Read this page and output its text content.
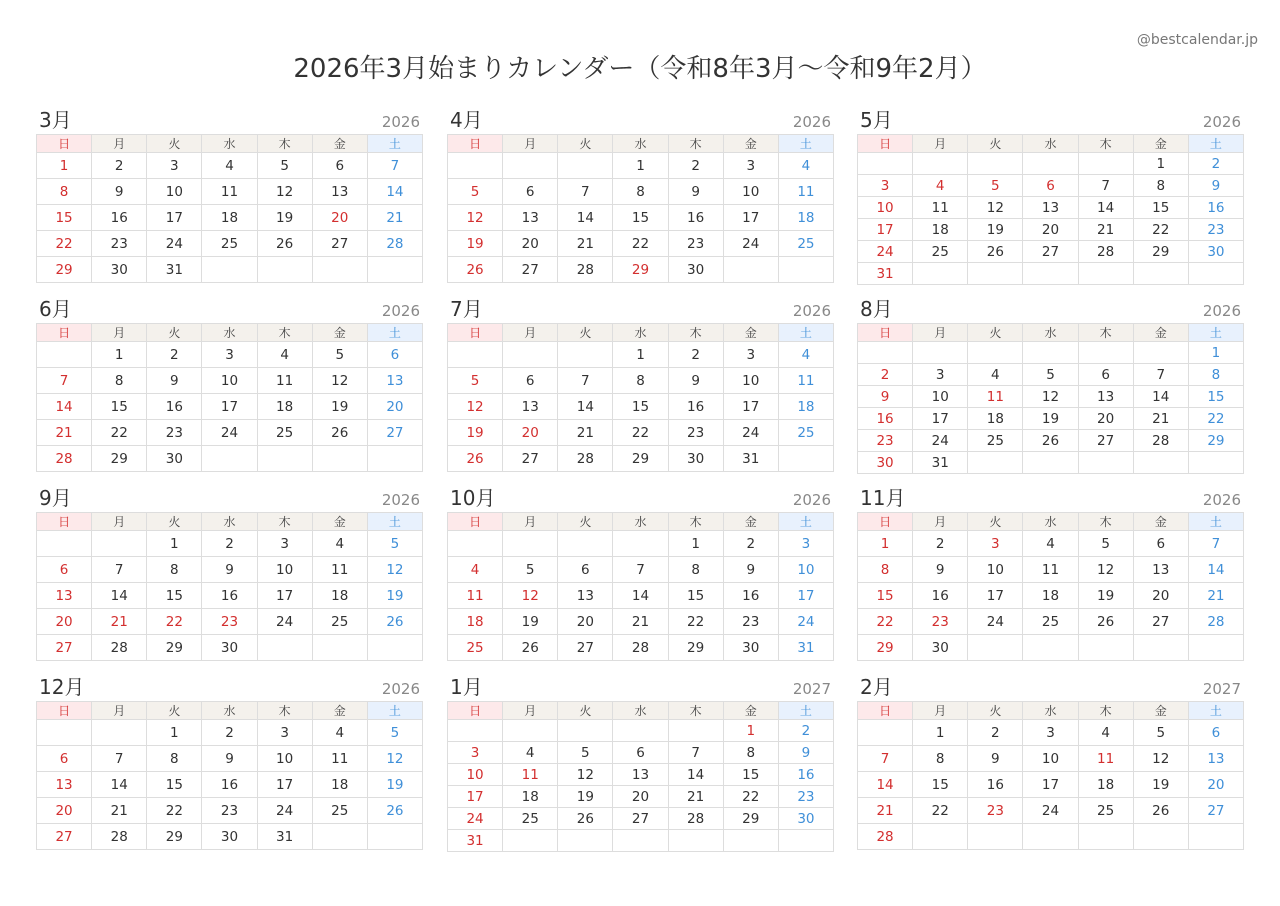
2026年3月始まりカレンダー（令和8年3月〜令和9年2月）
@bestcalendar.jp
3月	2026
日	月	火	水	木	金	土
1	2	3	4	5	6	7
8	9	10	11	12	13	14
15	16	17	18	19	20	21
22	23	24	25	26	27	28
29	30	31				
4月	2026
日	月	火	水	木	金	土
			1	2	3	4
5	6	7	8	9	10	11
12	13	14	15	16	17	18
19	20	21	22	23	24	25
26	27	28	29	30		
5月	2026
日	月	火	水	木	金	土
					1	2
3	4	5	6	7	8	9
10	11	12	13	14	15	16
17	18	19	20	21	22	23
24	25	26	27	28	29	30
31						
6月	2026
日	月	火	水	木	金	土
	1	2	3	4	5	6
7	8	9	10	11	12	13
14	15	16	17	18	19	20
21	22	23	24	25	26	27
28	29	30				
7月	2026
日	月	火	水	木	金	土
			1	2	3	4
5	6	7	8	9	10	11
12	13	14	15	16	17	18
19	20	21	22	23	24	25
26	27	28	29	30	31	
8月	2026
日	月	火	水	木	金	土
						1
2	3	4	5	6	7	8
9	10	11	12	13	14	15
16	17	18	19	20	21	22
23	24	25	26	27	28	29
30	31					
9月	2026
日	月	火	水	木	金	土
		1	2	3	4	5
6	7	8	9	10	11	12
13	14	15	16	17	18	19
20	21	22	23	24	25	26
27	28	29	30			
10月	2026
日	月	火	水	木	金	土
				1	2	3
4	5	6	7	8	9	10
11	12	13	14	15	16	17
18	19	20	21	22	23	24
25	26	27	28	29	30	31
11月	2026
日	月	火	水	木	金	土
1	2	3	4	5	6	7
8	9	10	11	12	13	14
15	16	17	18	19	20	21
22	23	24	25	26	27	28
29	30					
12月	2026
日	月	火	水	木	金	土
		1	2	3	4	5
6	7	8	9	10	11	12
13	14	15	16	17	18	19
20	21	22	23	24	25	26
27	28	29	30	31		
1月	2027
日	月	火	水	木	金	土
					1	2
3	4	5	6	7	8	9
10	11	12	13	14	15	16
17	18	19	20	21	22	23
24	25	26	27	28	29	30
31						
2月	2027
日	月	火	水	木	金	土
	1	2	3	4	5	6
7	8	9	10	11	12	13
14	15	16	17	18	19	20
21	22	23	24	25	26	27
28						
